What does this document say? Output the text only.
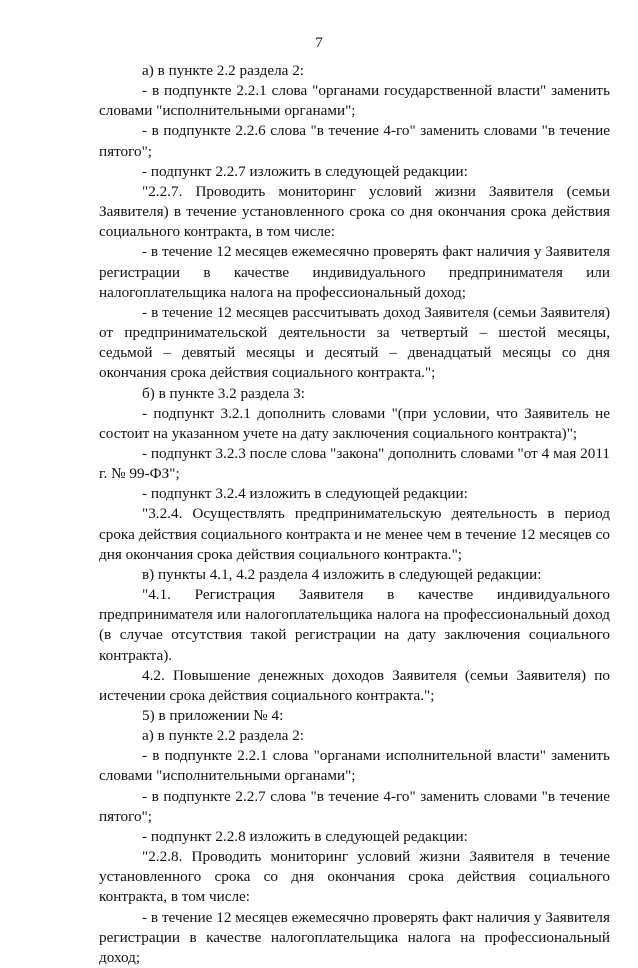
7

а) в пункте 2.2 раздела 2:

- в подпункте 2.2.1 слова "органами государственной власти" заменить словами "исполнительными органами";

- в подпункте 2.2.6 слова "в течение 4-го" заменить словами "в течение пятого";

- подпункт 2.2.7 изложить в следующей редакции:

"2.2.7. Проводить мониторинг условий жизни Заявителя (семьи Заявителя) в течение установленного срока со дня окончания срока действия социального контракта, в том числе:

- в течение 12 месяцев ежемесячно проверять факт наличия у Заявителя регистрации в качестве индивидуального предпринимателя или налогоплательщика налога на профессиональный доход;

- в течение 12 месяцев рассчитывать доход Заявителя (семьи Заявителя) от предпринимательской деятельности за четвертый – шестой месяцы, седьмой – девятый месяцы и десятый – двенадцатый месяцы со дня окончания срока действия социального контракта.";

б) в пункте 3.2 раздела 3:

- подпункт 3.2.1 дополнить словами "(при условии, что Заявитель не состоит на указанном учете на дату заключения социального контракта)";

- подпункт 3.2.3 после слова "закона" дополнить словами "от 4 мая 2011 г. № 99-ФЗ";

- подпункт 3.2.4 изложить в следующей редакции:

"3.2.4. Осуществлять предпринимательскую деятельность в период срока действия социального контракта и не менее чем в течение 12 месяцев со дня окончания срока действия социального контракта.";

в) пункты 4.1, 4.2 раздела 4 изложить в следующей редакции:

"4.1. Регистрация Заявителя в качестве индивидуального предпринимателя или налогоплательщика налога на профессиональный доход (в случае отсутствия такой регистрации на дату заключения социального контракта).

4.2. Повышение денежных доходов Заявителя (семьи Заявителя) по истечении срока действия социального контракта.";

5) в приложении № 4:

а) в пункте 2.2 раздела 2:

- в подпункте 2.2.1 слова "органами исполнительной власти" заменить словами "исполнительными органами";

- в подпункте 2.2.7 слова "в течение 4-го" заменить словами "в течение пятого";

- подпункт 2.2.8 изложить в следующей редакции:

"2.2.8. Проводить мониторинг условий жизни Заявителя в течение установленного срока со дня окончания срока действия социального контракта, в том числе:

- в течение 12 месяцев ежемесячно проверять факт наличия у Заявителя регистрации в качестве налогоплательщика налога на профессиональный доход;
